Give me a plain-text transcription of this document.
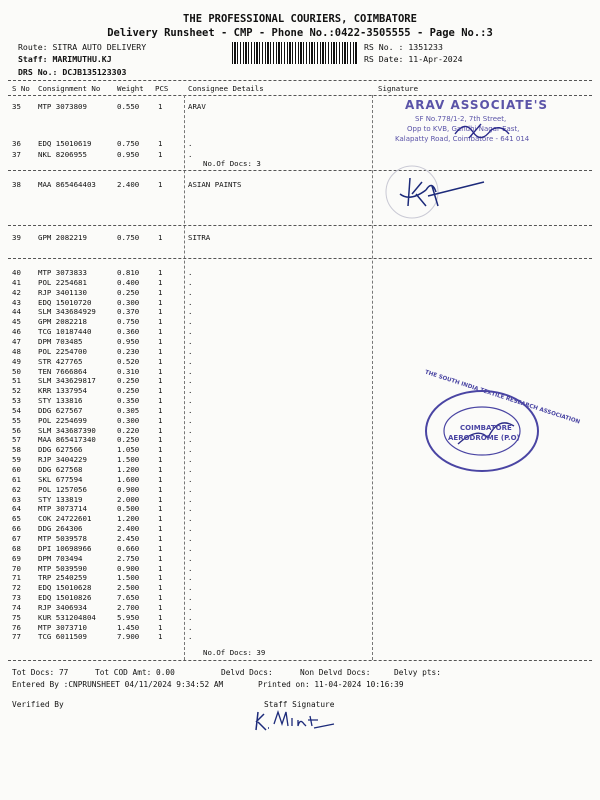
THE PROFESSIONAL COURIERS, COIMBATORE
Delivery Runsheet - CMP - Phone No.:0422-3505555 - Page No.:3
Route: SITRA AUTO DELIVERY
Staff: MARIMUTHU.KJ
DRS No.: DCJB135123303
RS No. : 1351233
RS Date: 11-Apr-2024
S No Consignment No Weight PCS	Consignee Details	Signature
35 MTP 3073809	0.550	1	ARAV
36 EDQ 15010619	0.750	1	.
37 NKL 8206955	0.950	1	.
38 MAA 865464403	2.400	1	ASIAN PAINTS
39 GPM 2082219	0.750	1	SITRA
40 MTP 3073833	0.810	1	.
41 POL 2254681	0.400	1	.
42 RJP 3401130	0.250	1	.
43 EDQ 15010720	0.300	1	.
44 SLM 343684929	0.370	1	.
45 GPM 2082218	0.750	1	.
46 TCG 10187440	0.360	1	.
47 DPM 703485	0.950	1	.
48 POL 2254700	0.230	1	.
49 STR 427765	0.520	1	.
50 TEN 7666864	0.310	1	.
51 SLM 343629817	0.250	1	.
52 KRR 1337954	0.250	1	.
53 STY 133816	0.350	1	.
54 DDG 627567	0.305	1	.
55 POL 2254699	0.300	1	.
56 SLM 343687390	0.220	1	.
57 MAA 865417340	0.250	1	.
58 DDG 627566	1.050	1	.
59 RJP 3404229	1.500	1	.
60 DDG 627568	1.200	1	.
61 SKL 677594	1.600	1	.
62 POL 1257056	0.900	1	.
63 STY 133819	2.000	1	.
64 MTP 3073714	0.500	1	.
65 COK 24722601	1.200	1	.
66 DDG 264306	2.400	1	.
67 MTP 5039578	2.450	1	.
68 DPI 10698966	0.660	1	.
69 DPM 703494	2.750	1	.
70 MTP 5039590	0.900	1	.
71 TRP 2540259	1.500	1	.
72 EDQ 15010628	2.500	1	.
73 EDQ 15010826	7.650	1	.
74 RJP 3406934	2.700	1	.
75 KUR 531204804	5.950	1	.
76 MTP 3073710	1.450	1	.
77 TCG 6011509	7.900	1	.
No.Of Docs: 3
No.Of Docs: 39
Tot Docs: 77	Tot COD Amt: 0.00	Delvd Docs:	Non Delvd Docs:	Delvy pts:
Entered By :CNPRUNSHEET 04/11/2024 9:34:52 AM	Printed on: 11-04-2024 10:16:39
Verified By	Staff Signature
ARAV ASSOCIATE'S
SF No.778/1-2, 7th Street,
Opp to KVB, Gandhi Nagar East,
Kalapatty Road, Coimbatore - 641 014
THE SOUTH INDIA TEXTILE RESEARCH ASSOCIATION
COIMBATORE
AERODROME (P.O)
